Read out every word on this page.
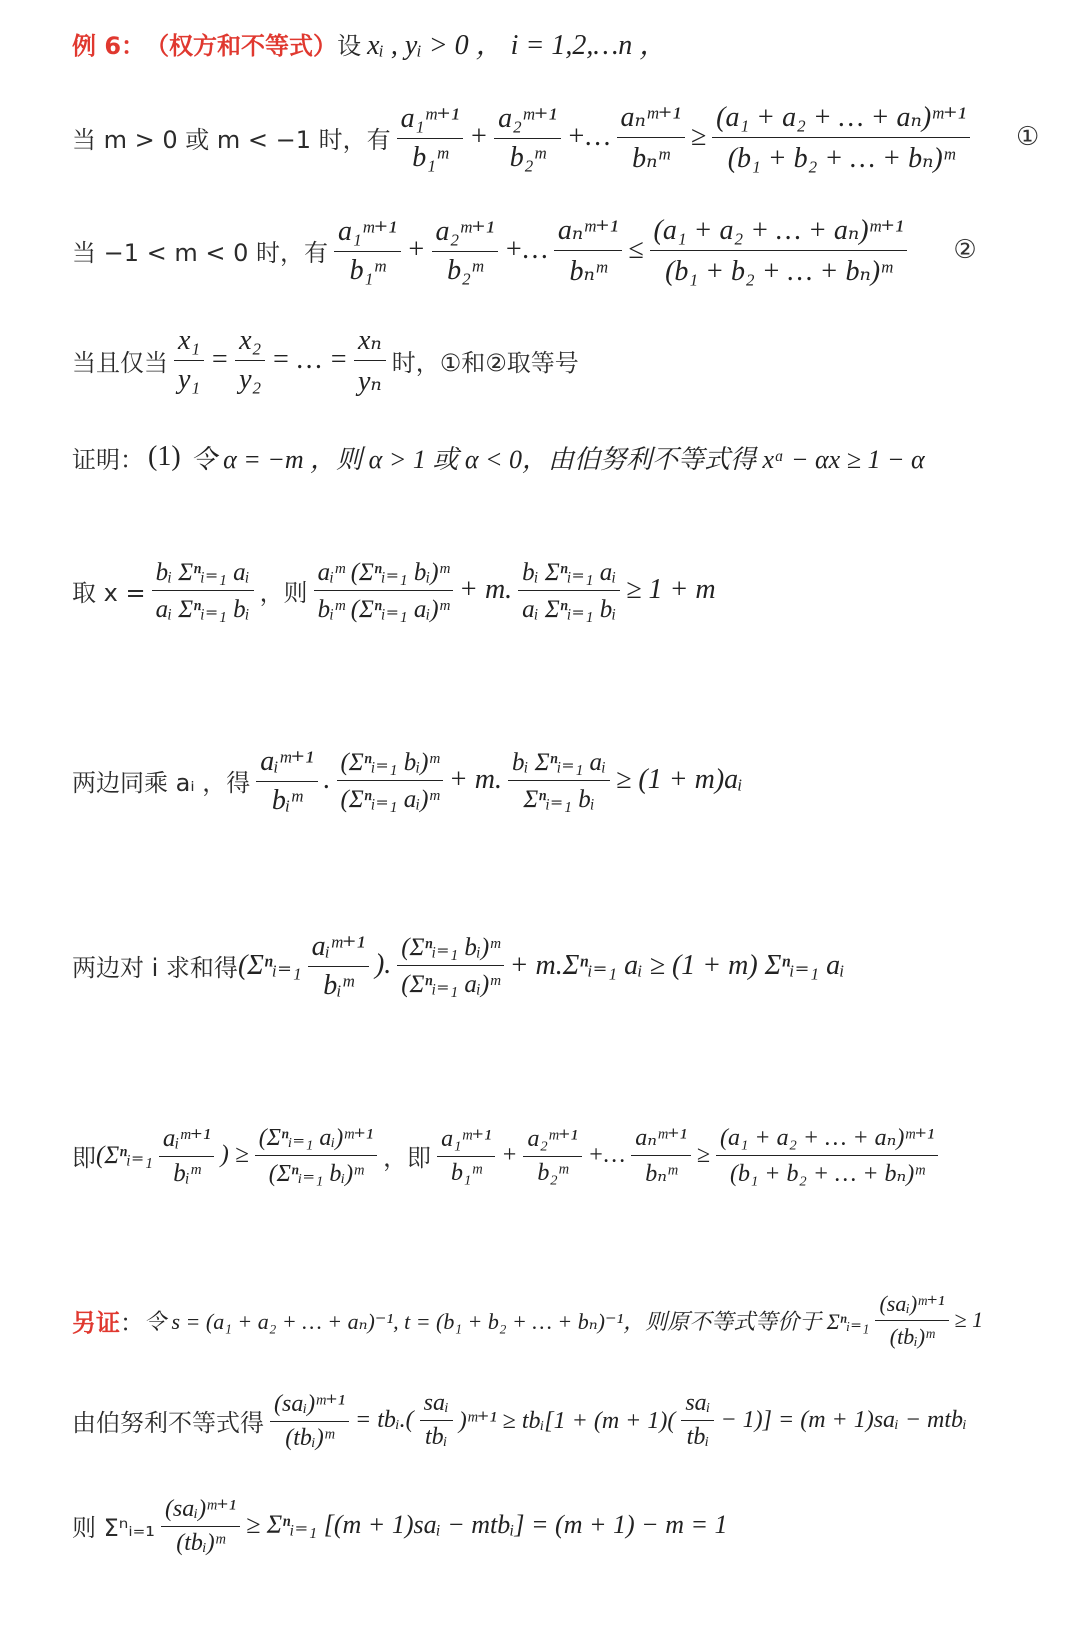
例 6： （权方和不等式） 设 xᵢ , yᵢ > 0 ， i = 1,2,…n ，
当 m > 0 或 m < −1 时，有 $\frac{\text{a₁ᵐ⁺¹}}{\text{b₁ᵐ}} + \frac{\text{a₂ᵐ⁺¹}}{\text{b₂ᵐ}}$ +… $\frac{\text{aₙᵐ⁺¹}}{\text{bₙᵐ}} \ge \frac{\text{(a₁ + a₂ + … + aₙ)ᵐ⁺¹}}{\text{(b₁ + b₂ + … + bₙ)ᵐ}}$ ①
当 −1 < m < 0 时，有 $\frac{\text{a₁ᵐ⁺¹}}{\text{b₁ᵐ}} + \frac{\text{a₂ᵐ⁺¹}}{\text{b₂ᵐ}}$ +… $\frac{\text{aₙᵐ⁺¹}}{\text{bₙᵐ}} \le \frac{\text{(a₁ + a₂ + … + aₙ)ᵐ⁺¹}}{\text{(b₁ + b₂ + … + bₙ)ᵐ}}$ ②
当且仅当 $\frac{\text{x₁}}{\text{y₁}} = \frac{\text{x₂}}{\text{y₂}}$ = … = $\frac{\text{xₙ}}{\text{yₙ}}$ 时，①和②取等号
证明： (1) 令 α = −m ，则 α > 1 或 α < 0，由伯努利不等式得 xᵅ − αx ≥ 1 − α
取 $x = \frac{\text{bᵢ Σⁿᵢ₌₁ aᵢ}}{\text{aᵢ Σⁿᵢ₌₁ bᵢ}}$ ，则 $\frac{\text{aᵢᵐ (Σⁿᵢ₌₁ bᵢ)ᵐ}}{\text{bᵢᵐ (Σⁿᵢ₌₁ aᵢ)ᵐ}} + m$. $\frac{\text{bᵢ Σⁿᵢ₌₁ aᵢ}}{\text{aᵢ Σⁿᵢ₌₁ bᵢ}} \ge 1 + m$
两边同乘 aᵢ ，得 $\frac{\text{aᵢᵐ⁺¹}}{\text{bᵢᵐ}}$ . $\frac{\text{(Σⁿᵢ₌₁ bᵢ)ᵐ}}{\text{(Σⁿᵢ₌₁ aᵢ)ᵐ}} + m$. $\frac{\text{bᵢ Σⁿᵢ₌₁ aᵢ}}{\text{Σⁿᵢ₌₁ bᵢ}} \ge (1$ + m)aᵢ
两边对 i 求和得 (Σⁿᵢ₌₁ $\frac{\text{aᵢᵐ⁺¹}}{\text{bᵢᵐ}}$ ). $\frac{\text{(Σⁿᵢ₌₁ bᵢ)ᵐ}}{\text{(Σⁿᵢ₌₁ aᵢ)ᵐ}}$ + m.Σⁿᵢ₌₁ aᵢ ≥ (1 + m) Σⁿᵢ₌₁ aᵢ
即 (Σⁿᵢ₌₁ $\frac{\text{aᵢᵐ⁺¹}}{\text{bᵢᵐ}}$ ) ≥ $\frac{\text{(Σⁿᵢ₌₁ aᵢ)ᵐ⁺¹}}{\text{(Σⁿᵢ₌₁ bᵢ)ᵐ}}$ ，即 $\frac{\text{a₁ᵐ⁺¹}}{\text{b₁ᵐ}} + \frac{\text{a₂ᵐ⁺¹}}{\text{b₂ᵐ}}$ +… $\frac{\text{aₙᵐ⁺¹}}{\text{bₙᵐ}} \ge \frac{\text{(a₁ + a₂ + … + aₙ)ᵐ⁺¹}}{\text{(b₁ + b₂ + … + bₙ)ᵐ}}$
另证 ： 令 s = (a₁ + a₂ + … + aₙ)⁻¹, t = (b₁ + b₂ + … + bₙ)⁻¹，则原不等式等价于 Σⁿᵢ₌₁ $\frac{\text{(saᵢ)ᵐ⁺¹}}{\text{(tbᵢ)ᵐ}} \ge 1$
由伯努利不等式得 $\frac{\text{(saᵢ)ᵐ⁺¹}}{\text{(tbᵢ)ᵐ}}$ = tbᵢ.( $\frac{\text{saᵢ}}{\text{tbᵢ}}$ )ᵐ⁺¹ ≥ tbᵢ[1 + $(m + 1)( \frac{\text{saᵢ}}{\text{tbᵢ}} - 1)] = (m$ + 1)saᵢ − mtbᵢ
则 Σⁿᵢ₌₁ $\frac{\text{(saᵢ)ᵐ⁺¹}}{\text{(tbᵢ)ᵐ}}$ ≥ Σⁿᵢ₌₁ [(m + 1)saᵢ − mtbᵢ] = (m + 1) − m = 1
